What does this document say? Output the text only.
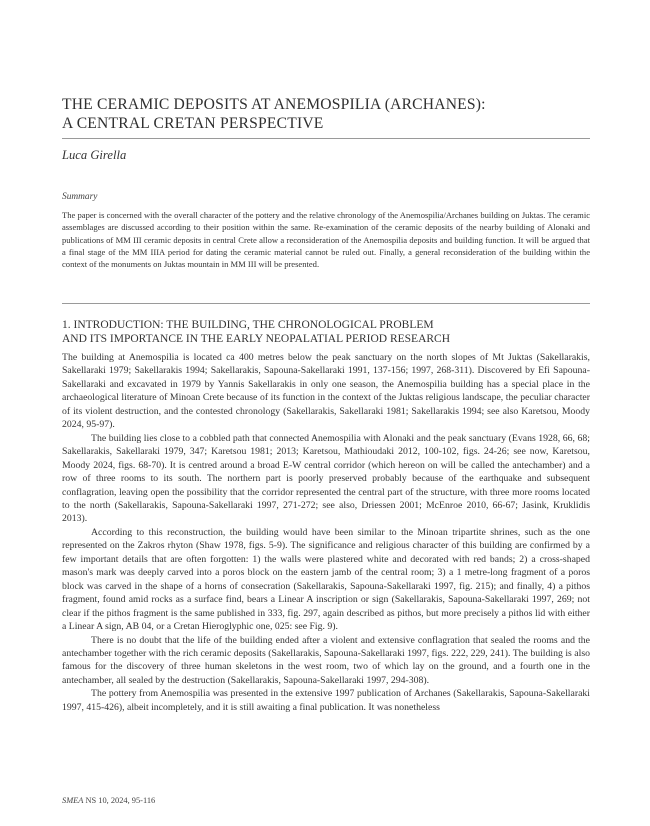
THE CERAMIC DEPOSITS AT ANEMOSPILIA (ARCHANES):
A CENTRAL CRETAN PERSPECTIVE
Luca Girella
Summary
The paper is concerned with the overall character of the pottery and the relative chronology of the Anemospilia/Archanes building on Juktas. The ceramic assemblages are discussed according to their position within the same. Re-examination of the ceramic deposits of the nearby building of Alonaki and publications of MM III ceramic deposits in central Crete allow a reconsideration of the Anemospilia deposits and building function. It will be argued that a final stage of the MM IIIA period for dating the ceramic material cannot be ruled out. Finally, a general reconsideration of the building within the context of the monuments on Juktas mountain in MM III will be presented.
1. INTRODUCTION: THE BUILDING, THE CHRONOLOGICAL PROBLEM
AND ITS IMPORTANCE IN THE EARLY NEOPALATIAL PERIOD RESEARCH

The building at Anemospilia is located ca 400 metres below the peak sanctuary on the north slopes of Mt Juktas (Sakellarakis, Sakellaraki 1979; Sakellarakis 1994; Sakellarakis, Sapouna-Sakellaraki 1991, 137-156; 1997, 268-311). Discovered by Efi Sapouna-Sakellaraki and excavated in 1979 by Yannis Sakellarakis in only one season, the Anemospilia building has a special place in the archaeological literature of Minoan Crete because of its function in the context of the Juktas religious landscape, the peculiar character of its violent destruction, and the contested chronology (Sakellarakis, Sakellaraki 1981; Sakellarakis 1994; see also Karetsou, Moody 2024, 95-97).

The building lies close to a cobbled path that connected Anemospilia with Alonaki and the peak sanctuary (Evans 1928, 66, 68; Sakellarakis, Sakellaraki 1979, 347; Karetsou 1981; 2013; Karetsou, Mathioudaki 2012, 100-102, figs. 24-26; see now, Karetsou, Moody 2024, figs. 68-70). It is centred around a broad E-W central corridor (which hereon on will be called the antechamber) and a row of three rooms to its south. The northern part is poorly preserved probably because of the earthquake and subsequent conflagration, leaving open the possibility that the corridor represented the central part of the structure, with three more rooms located to the north (Sakellarakis, Sapouna-Sakellaraki 1997, 271-272; see also, Driessen 2001; McEnroe 2010, 66-67; Jasink, Kruklidis 2013).

According to this reconstruction, the building would have been similar to the Minoan tripartite shrines, such as the one represented on the Zakros rhyton (Shaw 1978, figs. 5-9). The significance and religious character of this building are confirmed by a few important details that are often forgotten: 1) the walls were plastered white and decorated with red bands; 2) a cross-shaped mason's mark was deeply carved into a poros block on the eastern jamb of the central room; 3) a 1 metre-long fragment of a poros block was carved in the shape of a horns of consecration (Sakellarakis, Sapouna-Sakellaraki 1997, fig. 215); and finally, 4) a pithos fragment, found amid rocks as a surface find, bears a Linear A inscription or sign (Sakellarakis, Sapouna-Sakellaraki 1997, 269; not clear if the pithos fragment is the same published in 333, fig. 297, again described as pithos, but more precisely a pithos lid with either a Linear A sign, AB 04, or a Cretan Hieroglyphic one, 025: see Fig. 9).

There is no doubt that the life of the building ended after a violent and extensive conflagration that sealed the rooms and the antechamber together with the rich ceramic deposits (Sakellarakis, Sapouna-Sakellaraki 1997, figs. 222, 229, 241). The building is also famous for the discovery of three human skeletons in the west room, two of which lay on the ground, and a fourth one in the antechamber, all sealed by the destruction (Sakellarakis, Sapouna-Sakellaraki 1997, 294-308).

The pottery from Anemospilia was presented in the extensive 1997 publication of Archanes (Sakellarakis, Sapouna-Sakellaraki 1997, 415-426), albeit incompletely, and it is still awaiting a final publication. It was nonetheless

SMEA NS 10, 2024, 95-116
